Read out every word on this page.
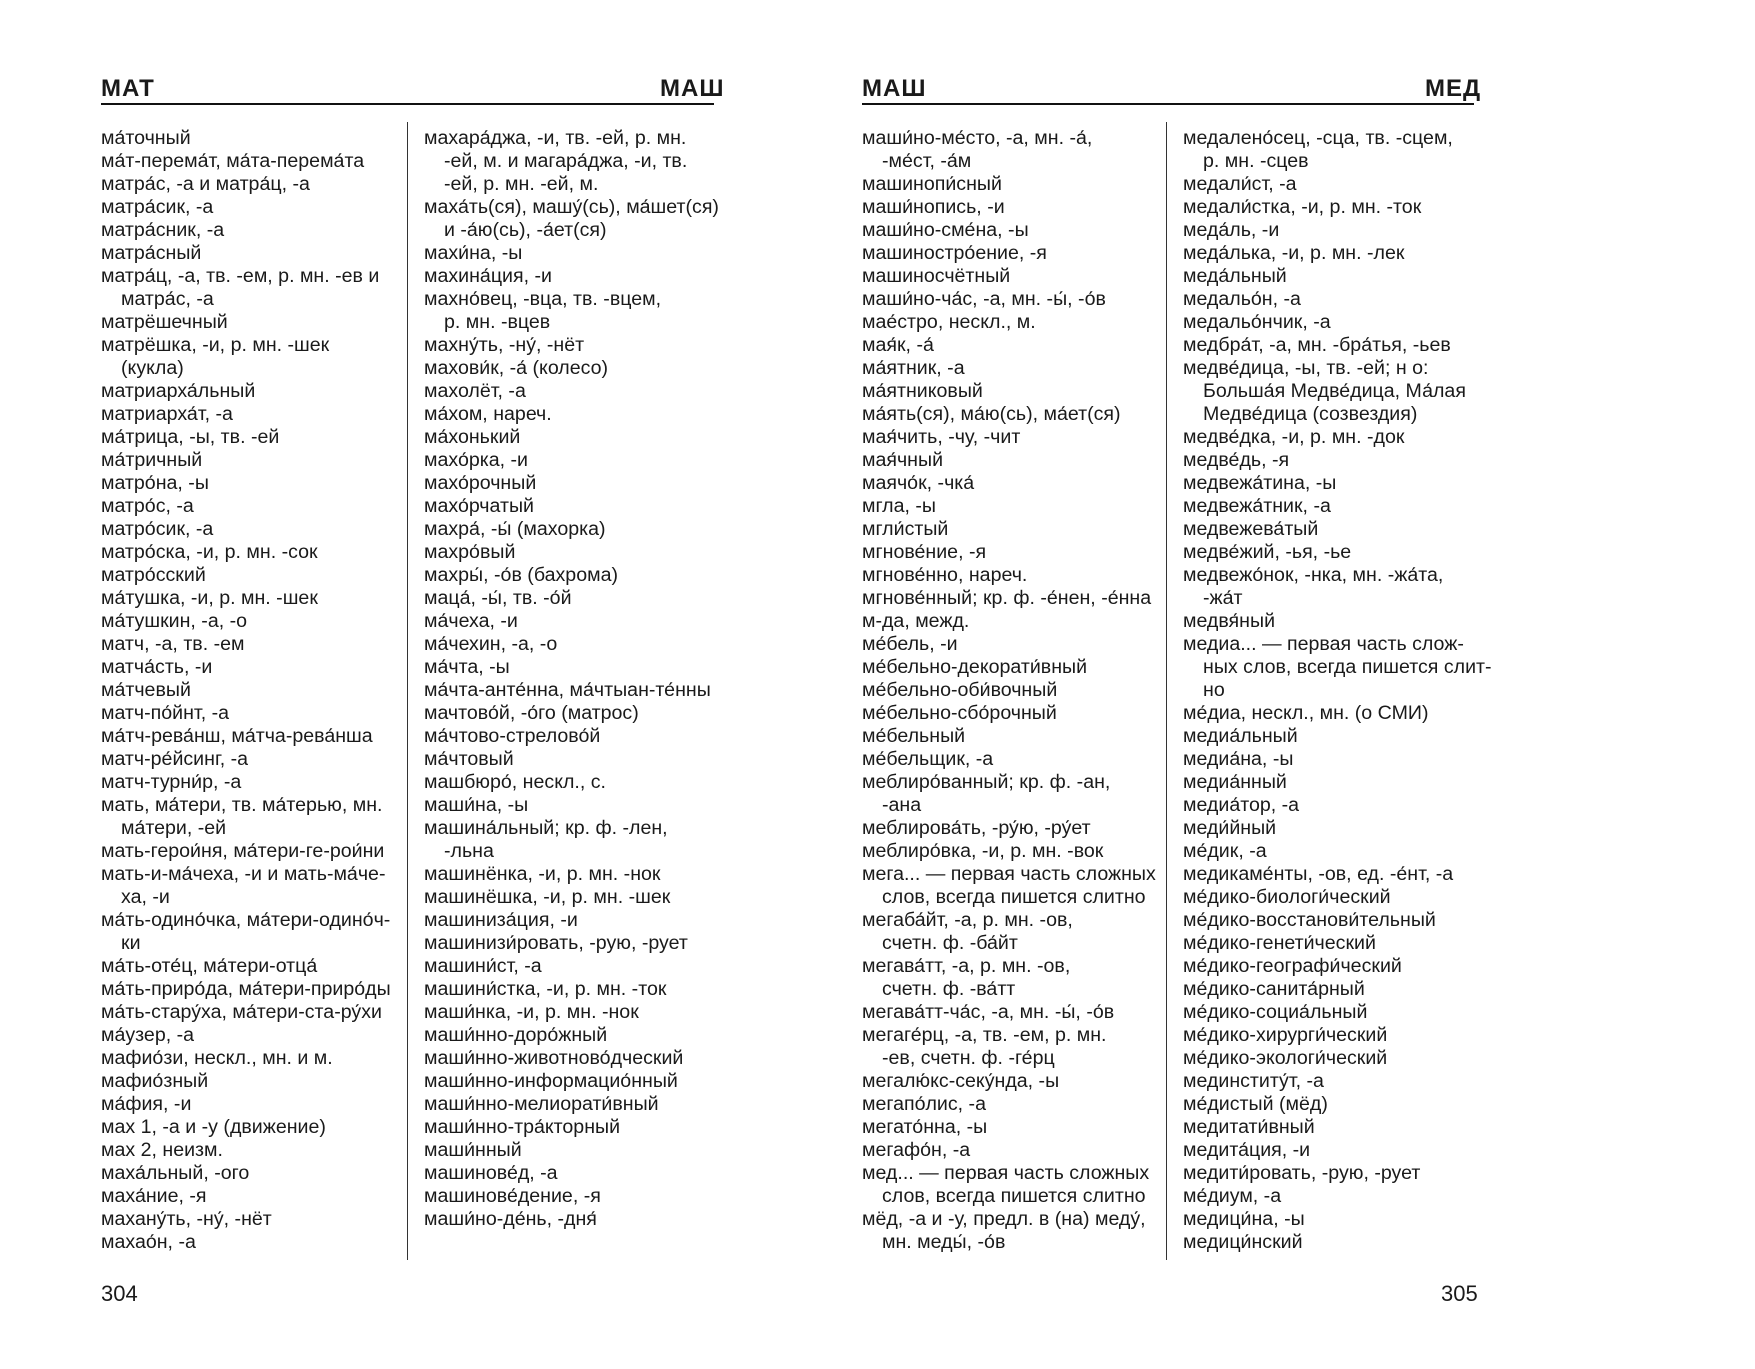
МАТ	МАШ
ма́точный
ма́т-перема́т, ма́та-перема́та
матра́с, -а и матра́ц, -а
матра́сик, -а
матра́сник, -а
матра́сный
матра́ц, -а, тв. -ем, р. мн. -ев и
матра́с, -а
матрёшечный
матрёшка, -и, р. мн. -шек
(кукла)
матриарха́льный
матриарха́т, -а
ма́трица, -ы, тв. -ей
ма́тричный
матро́на, -ы
матро́с, -а
матро́сик, -а
матро́ска, -и, р. мн. -сок
матро́сский
ма́тушка, -и, р. мн. -шек
ма́тушкин, -а, -о
матч, -а, тв. -ем
матча́сть, -и
ма́тчевый
матч-по́йнт, -а
ма́тч-рева́нш, ма́тча-рева́нша
матч-ре́йсинг, -а
матч-турни́р, -а
мать, ма́тери, тв. ма́терью, мн.
ма́тери, -ей
мать-герои́ня, ма́тери-ге-рои́ни
мать-и-ма́чеха, -и и мать-ма́че-
ха, -и
ма́ть-одино́чка, ма́тери-одино́ч-
ки
ма́ть-оте́ц, ма́тери-отца́
ма́ть-приро́да, ма́тери-приро́ды
ма́ть-стару́ха, ма́тери-ста-ру́хи
ма́узер, -а
мафио́зи, нескл., мн. и м.
мафио́зный
ма́фия, -и
мах 1, -а и -у (движение)
мах 2, неизм.
маха́льный, -ого
маха́ние, -я
махану́ть, -ну́, -нёт
махао́н, -а
махара́джа, -и, тв. -ей, р. мн.
-ей, м. и магара́джа, -и, тв.
-ей, р. мн. -ей, м.
маха́ть(ся), машу́(сь), ма́шет(ся)
и -а́ю(сь), -а́ет(ся)
махи́на, -ы
махина́ция, -и
махно́вец, -вца, тв. -вцем,
р. мн. -вцев
махну́ть, -ну́, -нёт
махови́к, -а́ (колесо)
махолёт, -а
ма́хом, нареч.
ма́хонький
махо́рка, -и
махо́рочный
махо́рчатый
махра́, -ы́ (махорка)
махро́вый
махры́, -о́в (бахрома)
маца́, -ы́, тв. -о́й
ма́чеха, -и
ма́чехин, -а, -о
ма́чта, -ы
ма́чта-анте́нна, ма́чтыан-те́нны
мачтово́й, -о́го (матрос)
ма́чтово-стрелово́й
ма́чтовый
машбюро́, нескл., с.
маши́на, -ы
машина́льный; кр. ф. -лен,
-льна
машинёнка, -и, р. мн. -нок
машинёшка, -и, р. мн. -шек
машиниза́ция, -и
машинизи́ровать, -рую, -рует
машини́ст, -а
машини́стка, -и, р. мн. -ток
маши́нка, -и, р. мн. -нок
маши́нно-доро́жный
маши́нно-животново́дческий
маши́нно-информацио́нный
маши́нно-мелиорати́вный
маши́нно-тра́кторный
маши́нный
машинове́д, -а
машинове́дение, -я
маши́но-де́нь, -дня́
304
МАШ	МЕД
маши́но-ме́сто, -а, мн. -а́,
-ме́ст, -а́м
машинопи́сный
маши́нопись, -и
маши́но-сме́на, -ы
машиностро́ение, -я
машиносчётный
маши́но-ча́с, -а, мн. -ы́, -о́в
мае́стро, нескл., м.
мая́к, -а́
ма́ятник, -а
ма́ятниковый
ма́ять(ся), ма́ю(сь), ма́ет(ся)
мая́чить, -чу, -чит
мая́чный
маячо́к, -чка́
мгла, -ы
мгли́стый
мгнове́ние, -я
мгнове́нно, нареч.
мгнове́нный; кр. ф. -е́нен, -е́нна
м-да, межд.
ме́бель, -и
ме́бельно-декорати́вный
ме́бельно-оби́вочный
ме́бельно-сбо́рочный
ме́бельный
ме́бельщик, -а
меблиро́ванный; кр. ф. -ан,
-ана
меблирова́ть, -ру́ю, -ру́ет
меблиро́вка, -и, р. мн. -вок
мега... — первая часть сложных
слов, всегда пишется слитно
мегаба́йт, -а, р. мн. -ов,
счетн. ф. -ба́йт
мегава́тт, -а, р. мн. -ов,
счетн. ф. -ва́тт
мегава́тт-ча́с, -а, мн. -ы́, -о́в
мегаге́рц, -а, тв. -ем, р. мн.
-ев, счетн. ф. -ге́рц
мегалю́кс-секу́нда, -ы
мегапо́лис, -а
мегато́нна, -ы
мегафо́н, -а
мед... — первая часть сложных
слов, всегда пишется слитно
мёд, -а и -у, предл. в (на) меду́,
мн. меды́, -о́в
медалено́сец, -сца, тв. -сцем,
р. мн. -сцев
медали́ст, -а
медали́стка, -и, р. мн. -ток
меда́ль, -и
меда́лька, -и, р. мн. -лек
меда́льный
медальо́н, -а
медальо́нчик, -а
медбра́т, -а, мн. -бра́тья, -ьев
медве́дица, -ы, тв. -ей; н о:
Больша́я Медве́дица, Ма́лая
Медве́дица (созвездия)
медве́дка, -и, р. мн. -док
медве́дь, -я
медвежа́тина, -ы
медвежа́тник, -а
медвежева́тый
медве́жий, -ья, -ье
медвежо́нок, -нка, мн. -жа́та,
-жа́т
медвя́ный
медиа... — первая часть слож-
ных слов, всегда пишется слит-
но
ме́диа, нескл., мн. (о СМИ)
медиа́льный
медиа́на, -ы
медиа́нный
медиа́тор, -а
меди́йный
ме́дик, -а
медикаме́нты, -ов, ед. -е́нт, -а
ме́дико-биологи́ческий
ме́дико-восстанови́тельный
ме́дико-генети́ческий
ме́дико-географи́ческий
ме́дико-санита́рный
ме́дико-социа́льный
ме́дико-хирурги́ческий
ме́дико-экологи́ческий
мединститу́т, -а
ме́дистый (мёд)
медитати́вный
медита́ция, -и
медити́ровать, -рую, -рует
ме́диум, -а
медици́на, -ы
медици́нский
305
